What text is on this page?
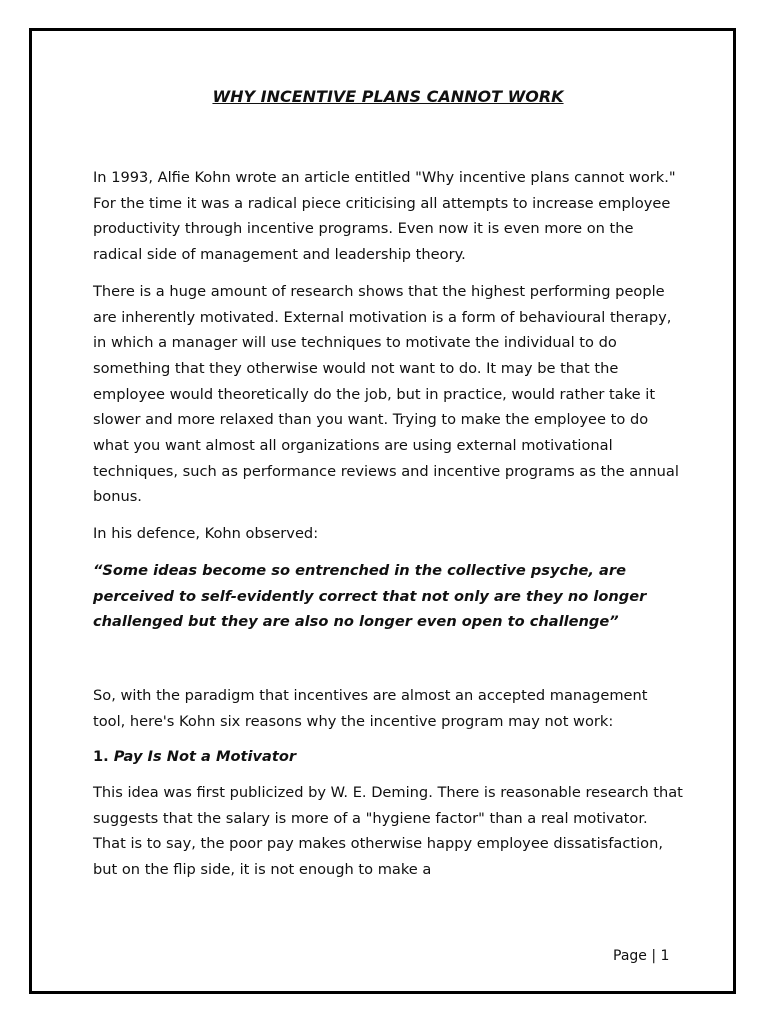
WHY INCENTIVE PLANS CANNOT WORK

In 1993, Alfie Kohn wrote an article entitled "Why incentive plans cannot work." For the time it was a radical piece criticising all attempts to increase employee productivity through incentive programs. Even now it is even more on the radical side of management and leadership theory.

There is a huge amount of research shows that the highest performing people are inherently motivated. External motivation is a form of behavioural therapy, in which a manager will use techniques to motivate the individual to do something that they otherwise would not want to do. It may be that the employee would theoretically do the job, but in practice, would rather take it slower and more relaxed than you want. Trying to make the employee to do what you want almost all organizations are using external motivational techniques, such as performance reviews and incentive programs as the annual bonus.

In his defence, Kohn observed:

“Some ideas become so entrenched in the collective psyche, are perceived to self-evidently correct that not only are they no longer challenged but they are also no longer even open to challenge”

So, with the paradigm that incentives are almost an accepted management tool, here's Kohn six reasons why the incentive program may not work:

1. Pay Is Not a Motivator

This idea was first publicized by W. E. Deming. There is reasonable research that suggests that the salary is more of a "hygiene factor" than a real motivator. That is to say, the poor pay makes otherwise happy employee dissatisfaction, but on the flip side, it is not enough to make a

Page | 1
